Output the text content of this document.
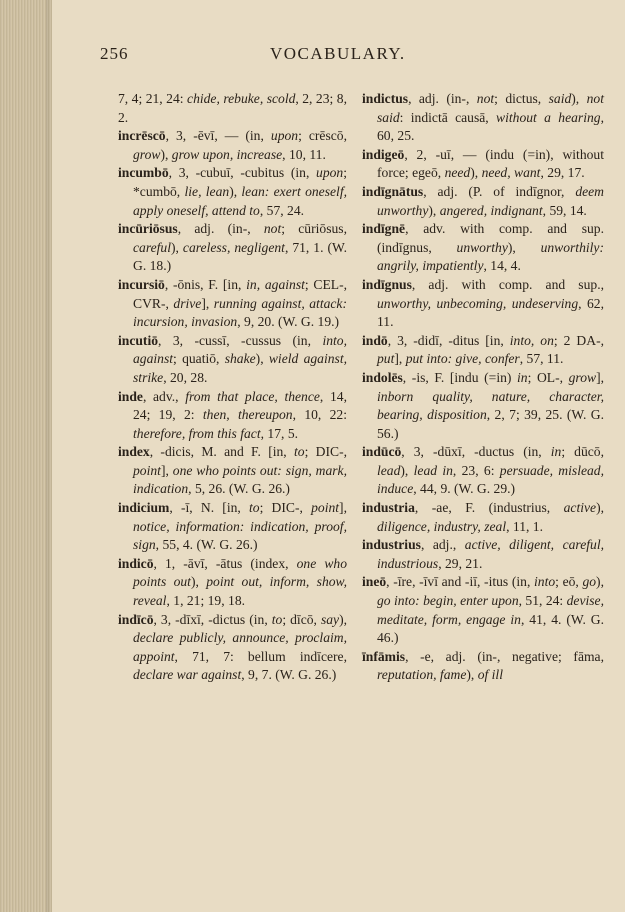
256	VOCABULARY.

7, 4; 21, 24: chide, rebuke, scold, 2, 23; 8, 2.

incrēscō, 3, -ēvī, — (in, upon; crēscō, grow), grow upon, increase, 10, 11.

incumbō, 3, -cubuī, -cubitus (in, upon; *cumbō, lie, lean), lean: exert oneself, apply oneself, attend to, 57, 24.

incūriōsus, adj. (in-, not; cūriōsus, careful), careless, negligent, 71, 1. (W. G. 18.)

incursiō, -ōnis, F. [in, in, against; CEL-, CVR-, drive], running against, attack: incursion, invasion, 9, 20. (W. G. 19.)

incutiō, 3, -cussī, -cussus (in, into, against; quatiō, shake), wield against, strike, 20, 28.

inde, adv., from that place, thence, 14, 24; 19, 2: then, thereupon, 10, 22: therefore, from this fact, 17, 5.

index, -dicis, M. and F. [in, to; DIC-, point], one who points out: sign, mark, indication, 5, 26. (W. G. 26.)

indicium, -ī, N. [in, to; DIC-, point], notice, information: indication, proof, sign, 55, 4. (W. G. 26.)

indicō, 1, -āvī, -ātus (index, one who points out), point out, inform, show, reveal, 1, 21; 19, 18.

indīcō, 3, -dīxī, -dictus (in, to; dīcō, say), declare publicly, announce, proclaim, appoint, 71, 7: bellum indīcere, declare war against, 9, 7. (W. G. 26.)

indictus, adj. (in-, not; dictus, said), not said: indictā causā, without a hearing, 60, 25.

indigeō, 2, -uī, — (indu (=in), without force; egeō, need), need, want, 29, 17.

indīgnātus, adj. (P. of indīgnor, deem unworthy), angered, indignant, 59, 14.

indīgnē, adv. with comp. and sup. (indīgnus, unworthy), unworthily: angrily, impatiently, 14, 4.

indīgnus, adj. with comp. and sup., unworthy, unbecoming, undeserving, 62, 11.

indō, 3, -didī, -ditus [in, into, on; 2 DA-, put], put into: give, confer, 57, 11.

indolēs, -is, F. [indu (=in) in; OL-, grow], inborn quality, nature, character, bearing, disposition, 2, 7; 39, 25. (W. G. 56.)

indūcō, 3, -dūxī, -ductus (in, in; dūcō, lead), lead in, 23, 6: persuade, mislead, induce, 44, 9. (W. G. 29.)

industria, -ae, F. (industrius, active), diligence, industry, zeal, 11, 1.

industrius, adj., active, diligent, careful, industrious, 29, 21.

ineō, -īre, -īvī and -iī, -itus (in, into; eō, go), go into: begin, enter upon, 51, 24: devise, meditate, form, engage in, 41, 4. (W. G. 46.)

īnfāmis, -e, adj. (in-, negative; fāma, reputation, fame), of ill
